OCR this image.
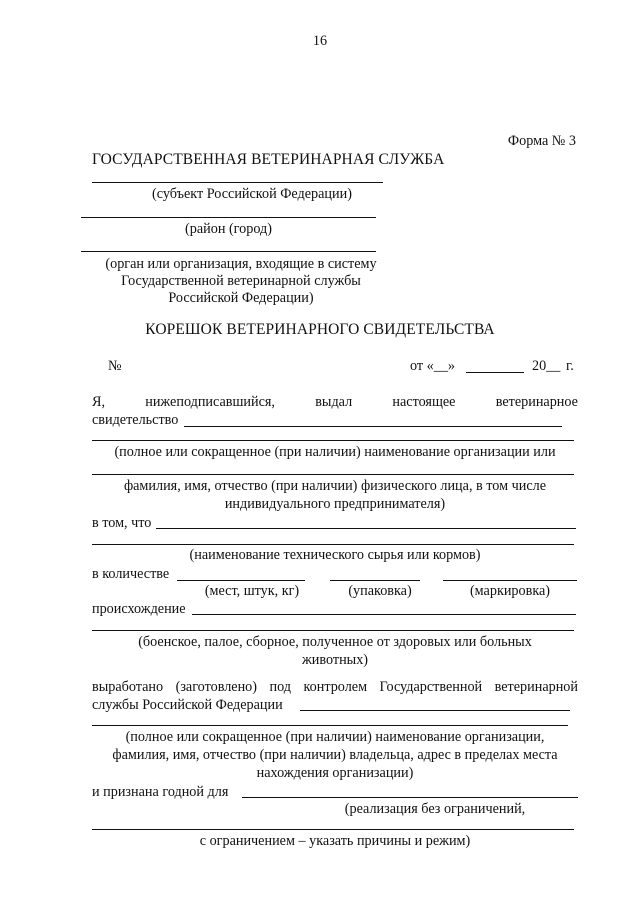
16
Форма № 3
ГОСУДАРСТВЕННАЯ ВЕТЕРИНАРНАЯ СЛУЖБА
(субъект Российской Федерации)
(район (город)
(орган или организация, входящие в систему
Государственной ветеринарной службы
Российской Федерации)
КОРЕШОК ВЕТЕРИНАРНОГО СВИДЕТЕЛЬСТВА
№	от «__»	20__ г.
Я,	нижеподписавшийся,	выдал	настоящее	ветеринарное
свидетельство
(полное или сокращенное (при наличии) наименование организации или
фамилия, имя, отчество (при наличии) физического лица, в том числе
индивидуального предпринимателя)
в том, что
(наименование технического сырья или кормов)
в количестве
(мест, штук, кг)	(упаковка)	(маркировка)
происхождение
(боенское, палое, сборное, полученное от здоровых или больных
животных)
выработано (заготовлено) под контролем Государственной ветеринарной
службы Российской Федерации
(полное или сокращенное (при наличии) наименование организации,
фамилия, имя, отчество (при наличии) владельца, адрес в пределах места
нахождения организации)
и признана годной для
(реализация без ограничений,
с ограничением – указать причины и режим)
